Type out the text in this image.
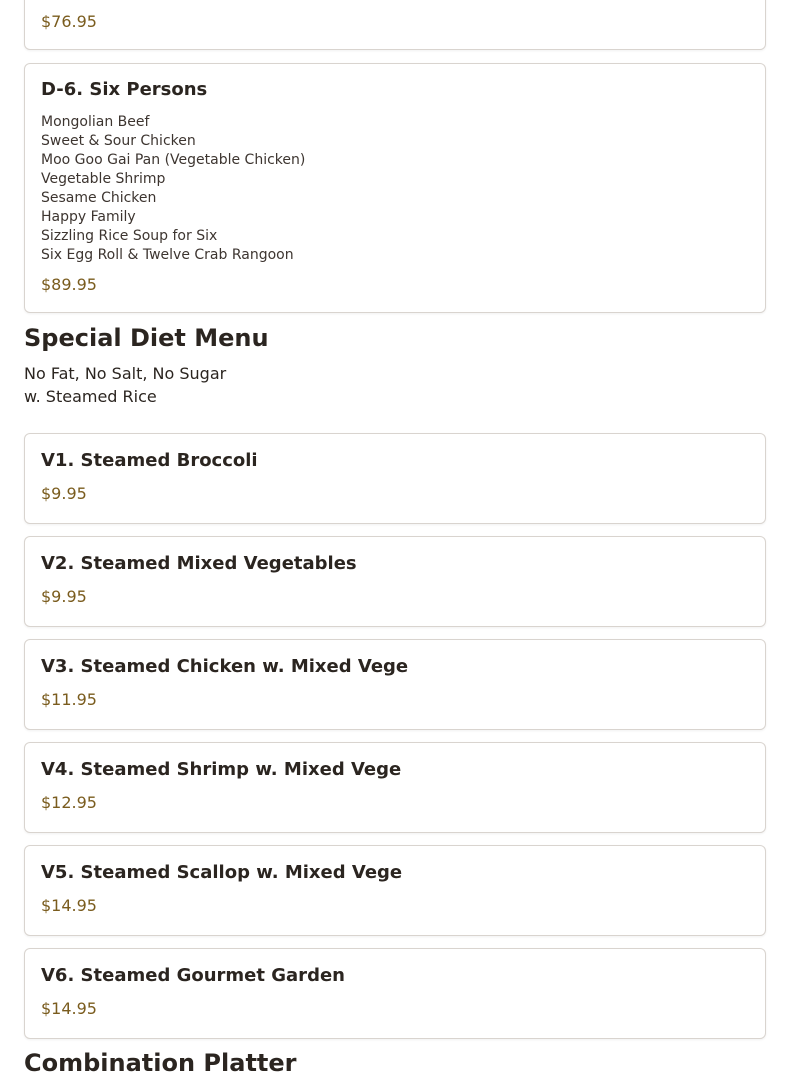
$76.95
D-6. Six Persons
Mongolian Beef
Sweet & Sour Chicken
Moo Goo Gai Pan (Vegetable Chicken)
Vegetable Shrimp
Sesame Chicken
Happy Family
Sizzling Rice Soup for Six
Six Egg Roll & Twelve Crab Rangoon
$89.95
Special Diet Menu
No Fat, No Salt, No Sugar
w. Steamed Rice
V1. Steamed Broccoli
$9.95
V2. Steamed Mixed Vegetables
$9.95
V3. Steamed Chicken w. Mixed Vege
$11.95
V4. Steamed Shrimp w. Mixed Vege
$12.95
V5. Steamed Scallop w. Mixed Vege
$14.95
V6. Steamed Gourmet Garden
$14.95
Combination Platter
